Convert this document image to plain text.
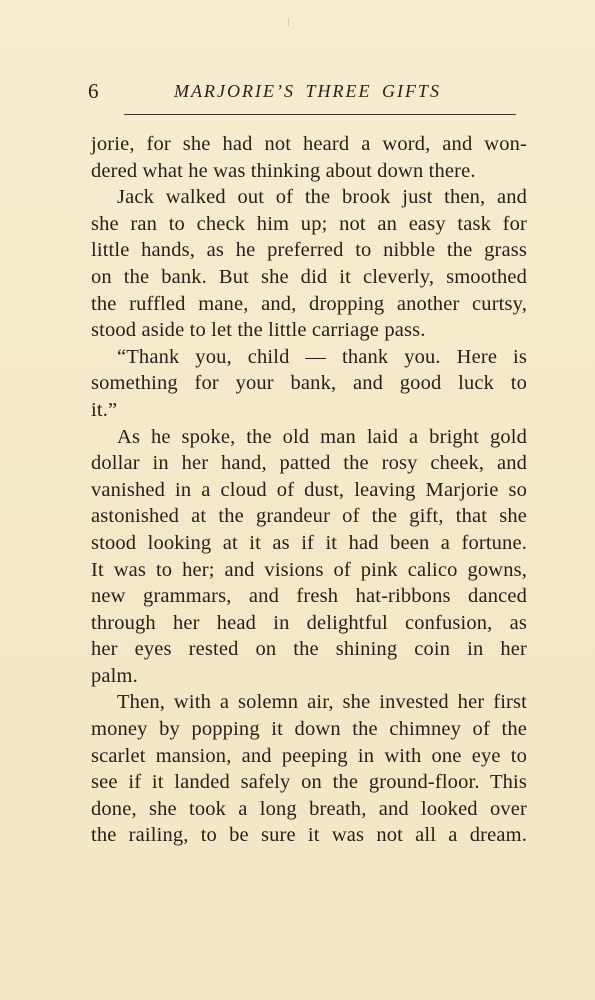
6	MARJORIE’S THREE GIFTS
jorie, for she had not heard a word, and won-
dered what he was thinking about down there.
Jack walked out of the brook just then, and
she ran to check him up; not an easy task for
little hands, as he preferred to nibble the grass
on the bank. But she did it cleverly, smoothed
the ruffled mane, and, dropping another curtsy,
stood aside to let the little carriage pass.
“Thank you, child — thank you. Here is
something for your bank, and good luck to
it.”
As he spoke, the old man laid a bright gold
dollar in her hand, patted the rosy cheek, and
vanished in a cloud of dust, leaving Marjorie so
astonished at the grandeur of the gift, that she
stood looking at it as if it had been a fortune.
It was to her; and visions of pink calico gowns,
new grammars, and fresh hat-ribbons danced
through her head in delightful confusion, as
her eyes rested on the shining coin in her
palm.
Then, with a solemn air, she invested her first
money by popping it down the chimney of the
scarlet mansion, and peeping in with one eye to
see if it landed safely on the ground-floor. This
done, she took a long breath, and looked over
the railing, to be sure it was not all a dream.
